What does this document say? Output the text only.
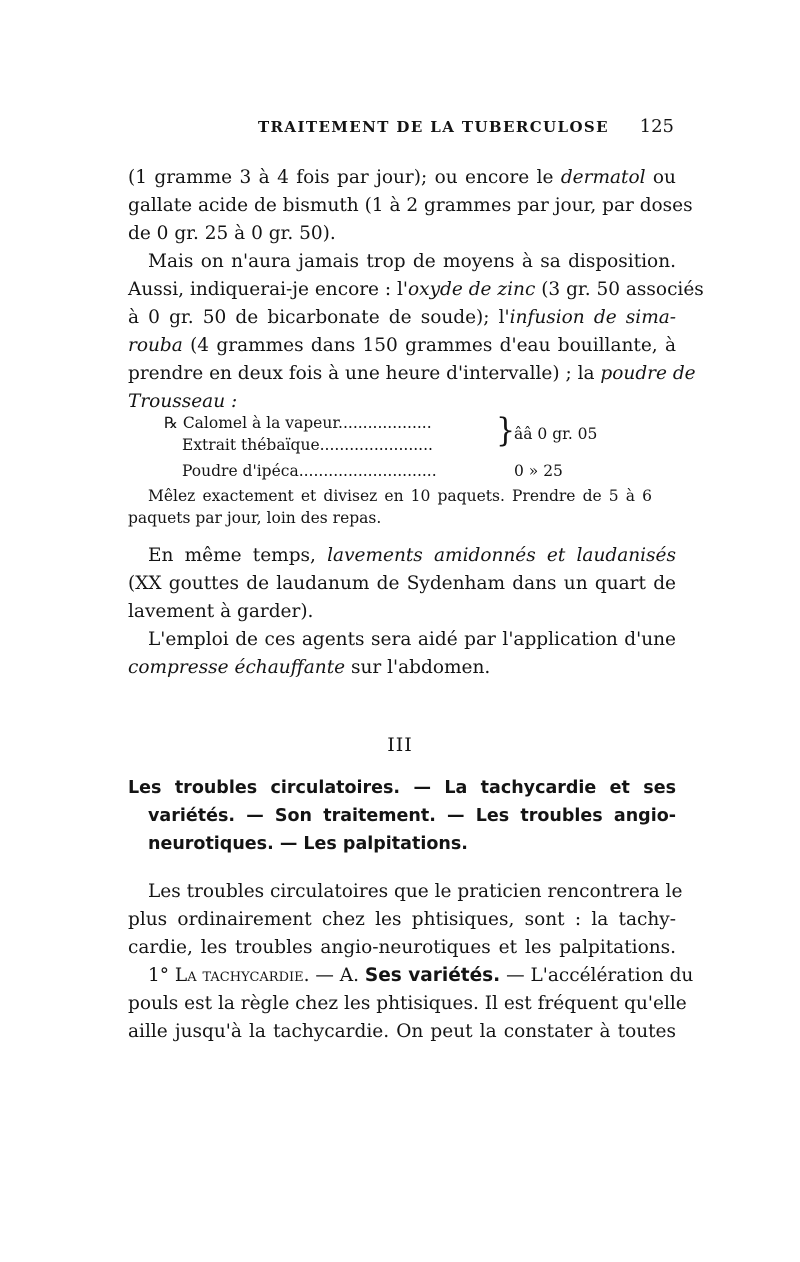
TRAITEMENT DE LA TUBERCULOSE 125
(1 gramme 3 à 4 fois par jour); ou encore le dermatol ou
gallate acide de bismuth (1 à 2 grammes par jour, par doses
de 0 gr. 25 à 0 gr. 50).
Mais on n'aura jamais trop de moyens à sa disposition.
Aussi, indiquerai-je encore : l'oxyde de zinc (3 gr. 50 associés
à 0 gr. 50 de bicarbonate de soude); l'infusion de sima-
rouba (4 grammes dans 150 grammes d'eau bouillante, à
prendre en deux fois à une heure d'intervalle) ; la poudre de
Trousseau :
℞ Calomel à la vapeur...................
Extrait thébaïque....................... }
ââ 0 gr. 05
Poudre d'ipéca............................	0 » 25
Mêlez exactement et divisez en 10 paquets. Prendre de 5 à 6
paquets par jour, loin des repas.
En même temps, lavements amidonnés et laudanisés
(XX gouttes de laudanum de Sydenham dans un quart de
lavement à garder).
L'emploi de ces agents sera aidé par l'application d'une
compresse échauffante sur l'abdomen.
III
Les troubles circulatoires. — La tachycardie et ses
variétés. — Son traitement. — Les troubles angio-
neurotiques. — Les palpitations.
Les troubles circulatoires que le praticien rencontrera le
plus ordinairement chez les phtisiques, sont : la tachy-
cardie, les troubles angio-neurotiques et les palpitations.
1° La tachycardie. — A. Ses variétés. — L'accélération du
pouls est la règle chez les phtisiques. Il est fréquent qu'elle
aille jusqu'à la tachycardie. On peut la constater à toutes
